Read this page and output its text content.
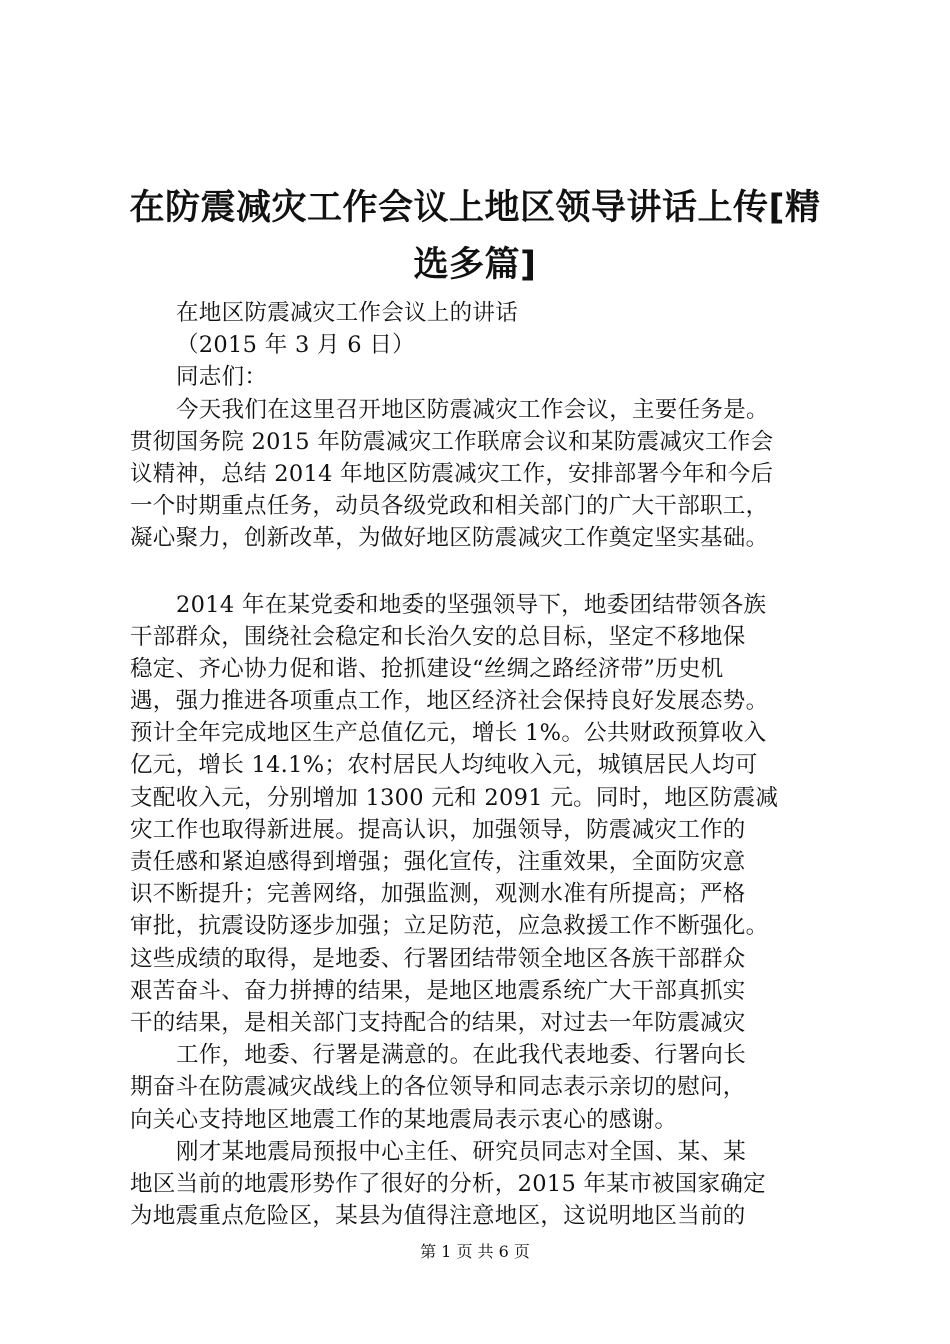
在防震减灾工作会议上地区领导讲话上传[精
选多篇]
在地区防震减灾工作会议上的讲话
（2015 年 3 月 6 日）
同志们：
今天我们在这里召开地区防震减灾工作会议，主要任务是。
贯彻国务院 2015 年防震减灾工作联席会议和某防震减灾工作会
议精神，总结 2014 年地区防震减灾工作，安排部署今年和今后
一个时期重点任务，动员各级党政和相关部门的广大干部职工，
凝心聚力，创新改革，为做好地区防震减灾工作奠定坚实基础。
2014 年在某党委和地委的坚强领导下，地委团结带领各族
干部群众，围绕社会稳定和长治久安的总目标，坚定不移地保
稳定、齐心协力促和谐、抢抓建设“丝绸之路经济带”历史机
遇，强力推进各项重点工作，地区经济社会保持良好发展态势。
预计全年完成地区生产总值亿元，增长 1%。公共财政预算收入
亿元，增长 14.1%；农村居民人均纯收入元，城镇居民人均可
支配收入元，分别增加 1300 元和 2091 元。同时，地区防震减
灾工作也取得新进展。提高认识，加强领导，防震减灾工作的
责任感和紧迫感得到增强；强化宣传，注重效果，全面防灾意
识不断提升；完善网络，加强监测，观测水准有所提高；严格
审批，抗震设防逐步加强；立足防范，应急救援工作不断强化。
这些成绩的取得，是地委、行署团结带领全地区各族干部群众
艰苦奋斗、奋力拼搏的结果，是地区地震系统广大干部真抓实
干的结果，是相关部门支持配合的结果，对过去一年防震减灾
工作，地委、行署是满意的。在此我代表地委、行署向长
期奋斗在防震减灾战线上的各位领导和同志表示亲切的慰问，
向关心支持地区地震工作的某地震局表示衷心的感谢。
刚才某地震局预报中心主任、研究员同志对全国、某、某
地区当前的地震形势作了很好的分析，2015 年某市被国家确定
为地震重点危险区，某县为值得注意地区，这说明地区当前的
第 1 页 共 6 页
